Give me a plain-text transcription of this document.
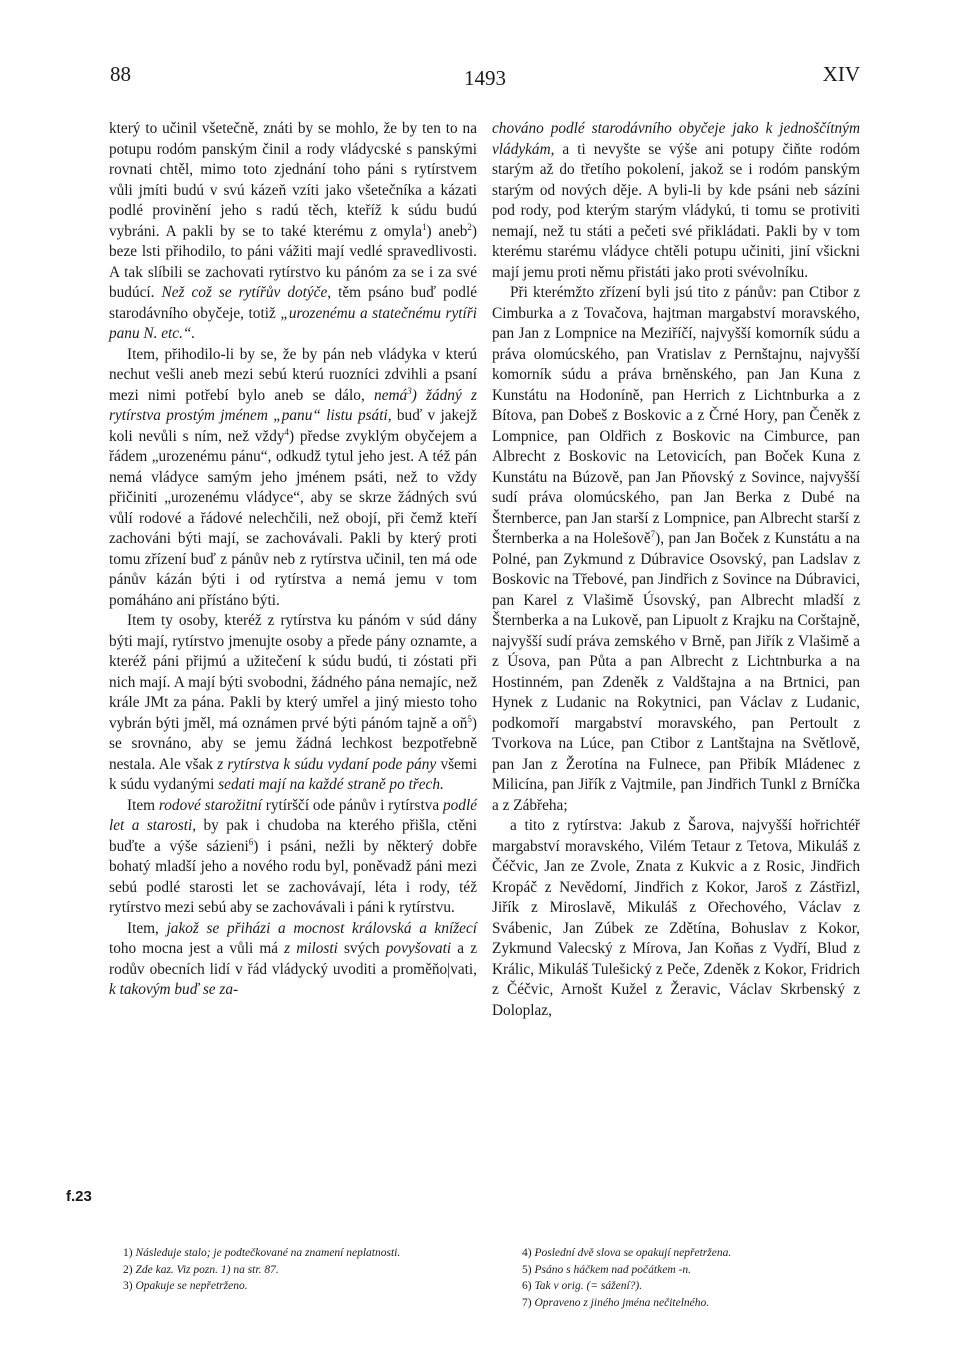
88	1493	XIV

který to učinil všetečně, znáti by se mohlo, že by ten to na potupu rodóm panským činil a rody vládycské s panskými rovnati chtěl, mimo toto zjednání toho páni s rytírstvem vůli jmíti budú v svú kázeň vzíti jako všetečníka a kázati podlé provinění jeho s radú těch, kteříž k súdu budú vybráni. A pakli by se to také kterému z omyla$^1$) aneb$^2$) beze lsti přihodilo, to páni vážiti mají vedlé spravedlivosti. A tak slíbili se zachovati rytírstvo ku pánóm za se i za své budúcí. Než což se rytířův dotýče, těm psáno buď podlé starodávního obyčeje, totiž „urozenému a statečnému rytíři panu N. etc.“.

Item, přihodilo-li by se, že by pán neb vládyka v kterú nechut vešli aneb mezi sebú kterú ruozníci zdvihli a psaní mezi nimi potřebí bylo aneb se dálo, nemá$^3$) žádný z rytírstva prostým jménem „panu“ listu psáti, buď v jakejž koli nevůli s ním, než vždy$^4$) předse zvyklým obyčejem a řádem „urozenému pánu“, odkudž tytul jeho jest. A též pán nemá vládyce samým jeho jménem psáti, než to vždy přičiniti „urozenému vládyce“, aby se skrze žádných svú vůlí rodové a řádové nelechčili, než obojí, při čemž kteří zachováni býti mají, se zachovávali. Pakli by který proti tomu zřízení buď z pánův neb z rytírstva učinil, ten má ode pánův kázán býti i od rytírstva a nemá jemu v tom pomáháno ani přístáno býti.

Item ty osoby, kteréž z rytírstva ku pánóm v súd dány býti mají, rytírstvo jmenujte osoby a přede pány oznamte, a kteréž páni přijmú a užitečení k súdu budú, ti zóstati při nich mají. A mají býti svobodni, žádného pána nemajíc, než krále JMt za pána. Pakli by který umřel a jiný miesto toho vybrán býti jměl, má oznámen prvé býti pánóm tajně a $oň^5$) se srovnáno, aby se jemu žádná lechkost bezpotřebně nestala. Ale však z rytírstva k súdu vydaní pode pány všemi k súdu vydanými sedati mají na každé straně po třech.

Item rodové starožitní rytírščí ode pánův i rytírstva podlé let a starosti, by pak i chudoba na kterého přišla, ctěni buďte a výše sázieni$^6$) i psáni, nežli by některý dobře bohatý mladší jeho a nového rodu byl, poněvadž páni mezi sebú podlé starosti let se zachovávají, léta i rody, též rytírstvo mezi sebú aby se zachovávali i páni k rytírstvu.

Item, jakož se přiházi a mocnost královská a knížecí toho mocna jest a vůli má z milosti svých povyšovati a z rodův obecních lidí v řád vládycký uvoditi a proměňo|vati, k takovým buď se za-

chováno podlé starodávního obyčeje jako k jednoščítným vládykám, a ti nevyšte se výše ani potupy čiňte rodóm starým až do třetího pokolení, jakož se i rodóm panským starým od nových děje. A byli-li by kde psáni neb sázíni pod rody, pod kterým starým vládykú, ti tomu se protiviti nemají, než tu státi a pečeti své přikládati. Pakli by v tom kterému starému vládyce chtěli potupu učiniti, jiní všickni mají jemu proti němu přistáti jako proti svévolníku.

Při kterémžto zřízení byli jsú tito z pánův: pan Ctibor z Cimburka a z Tovačova, hajtman margabství moravského, pan Jan z Lompnice na Meziříčí, najvyšší komorník súdu a práva olomúcského, pan Vratislav z Pernštajnu, najvyšší komorník súdu a práva brněnského, pan Jan Kuna z Kunstátu na Hodoníně, pan Herrich z Lichtnburka a z Bítova, pan Dobeš z Boskovic a z Črné Hory, pan Čeněk z Lompnice, pan Oldřich z Boskovic na Cimburce, pan Albrecht z Boskovic na Letovicích, pan Boček Kuna z Kunstátu na Búzově, pan Jan Pňovský z Sovince, najvyšší sudí práva olomúcského, pan Jan Berka z Dubé na Šternberce, pan Jan starší z Lompnice, pan Albrecht starší z Šternberka a na Holešově$^7$), pan Jan Boček z Kunstátu a na Polné, pan Zykmund z Dúbravice Osovský, pan Ladslav z Boskovic na Třebové, pan Jindřich z Sovince na Dúbravici, pan Karel z Vlašimě Úsovský, pan Albrecht mladší z Šternberka a na Lukově, pan Lipuolt z Krajku na Corštajně, najvyšší sudí práva zemského v Brně, pan Jiřík z Vlašimě a z Úsova, pan Půta a pan Albrecht z Lichtnburka a na Hostinném, pan Zdeněk z Valdštajna a na Brtnici, pan Hynek z Ludanic na Rokytnici, pan Václav z Ludanic, podkomoří margabství moravského, pan Pertoult z Tvorkova na Lúce, pan Ctibor z Lantštajna na Světlově, pan Jan z Žerotína na Fulnece, pan Přibík Mládenec z Milicína, pan Jiřík z Vajtmile, pan Jindřich Tunkl z Brníčka a z Zábřeha;

a tito z rytírstva: Jakub z Šarova, najvyšší hořrichtéř margabství moravského, Vilém Tetaur z Tetova, Mikuláš z Čéčvic, Jan ze Zvole, Znata z Kukvic a z Rosic, Jindřich Kropáč z Nevědomí, Jindřich z Kokor, Jaroš z Zástřizl, Jiřík z Miroslavě, Mikuláš z Ořechového, Václav z Svábenic, Jan Zúbek ze Zdětína, Bohuslav z Kokor, Zykmund Valecský z Mírova, Jan Koňas z Vydří, Blud z Králic, Mikuláš Tulešický z Peče, Zdeněk z Kokor, Fridrich z Čéčvic, Arnošt Kužel z Žeravic, Václav Skrbenský z Doloplaz,

f.23

1) Následuje stalo; je podtečkované na znamení neplatnosti.

2) Zde kaz. Viz pozn. 1) na str. 87.

3) Opakuje se nepřetrženo.

4) Poslední dvě slova se opakují nepřetržena.

5) Psáno s háčkem nad počátkem -n.

6) Tak v orig. (= sážení?).

7) Opraveno z jiného jména nečitelného.
